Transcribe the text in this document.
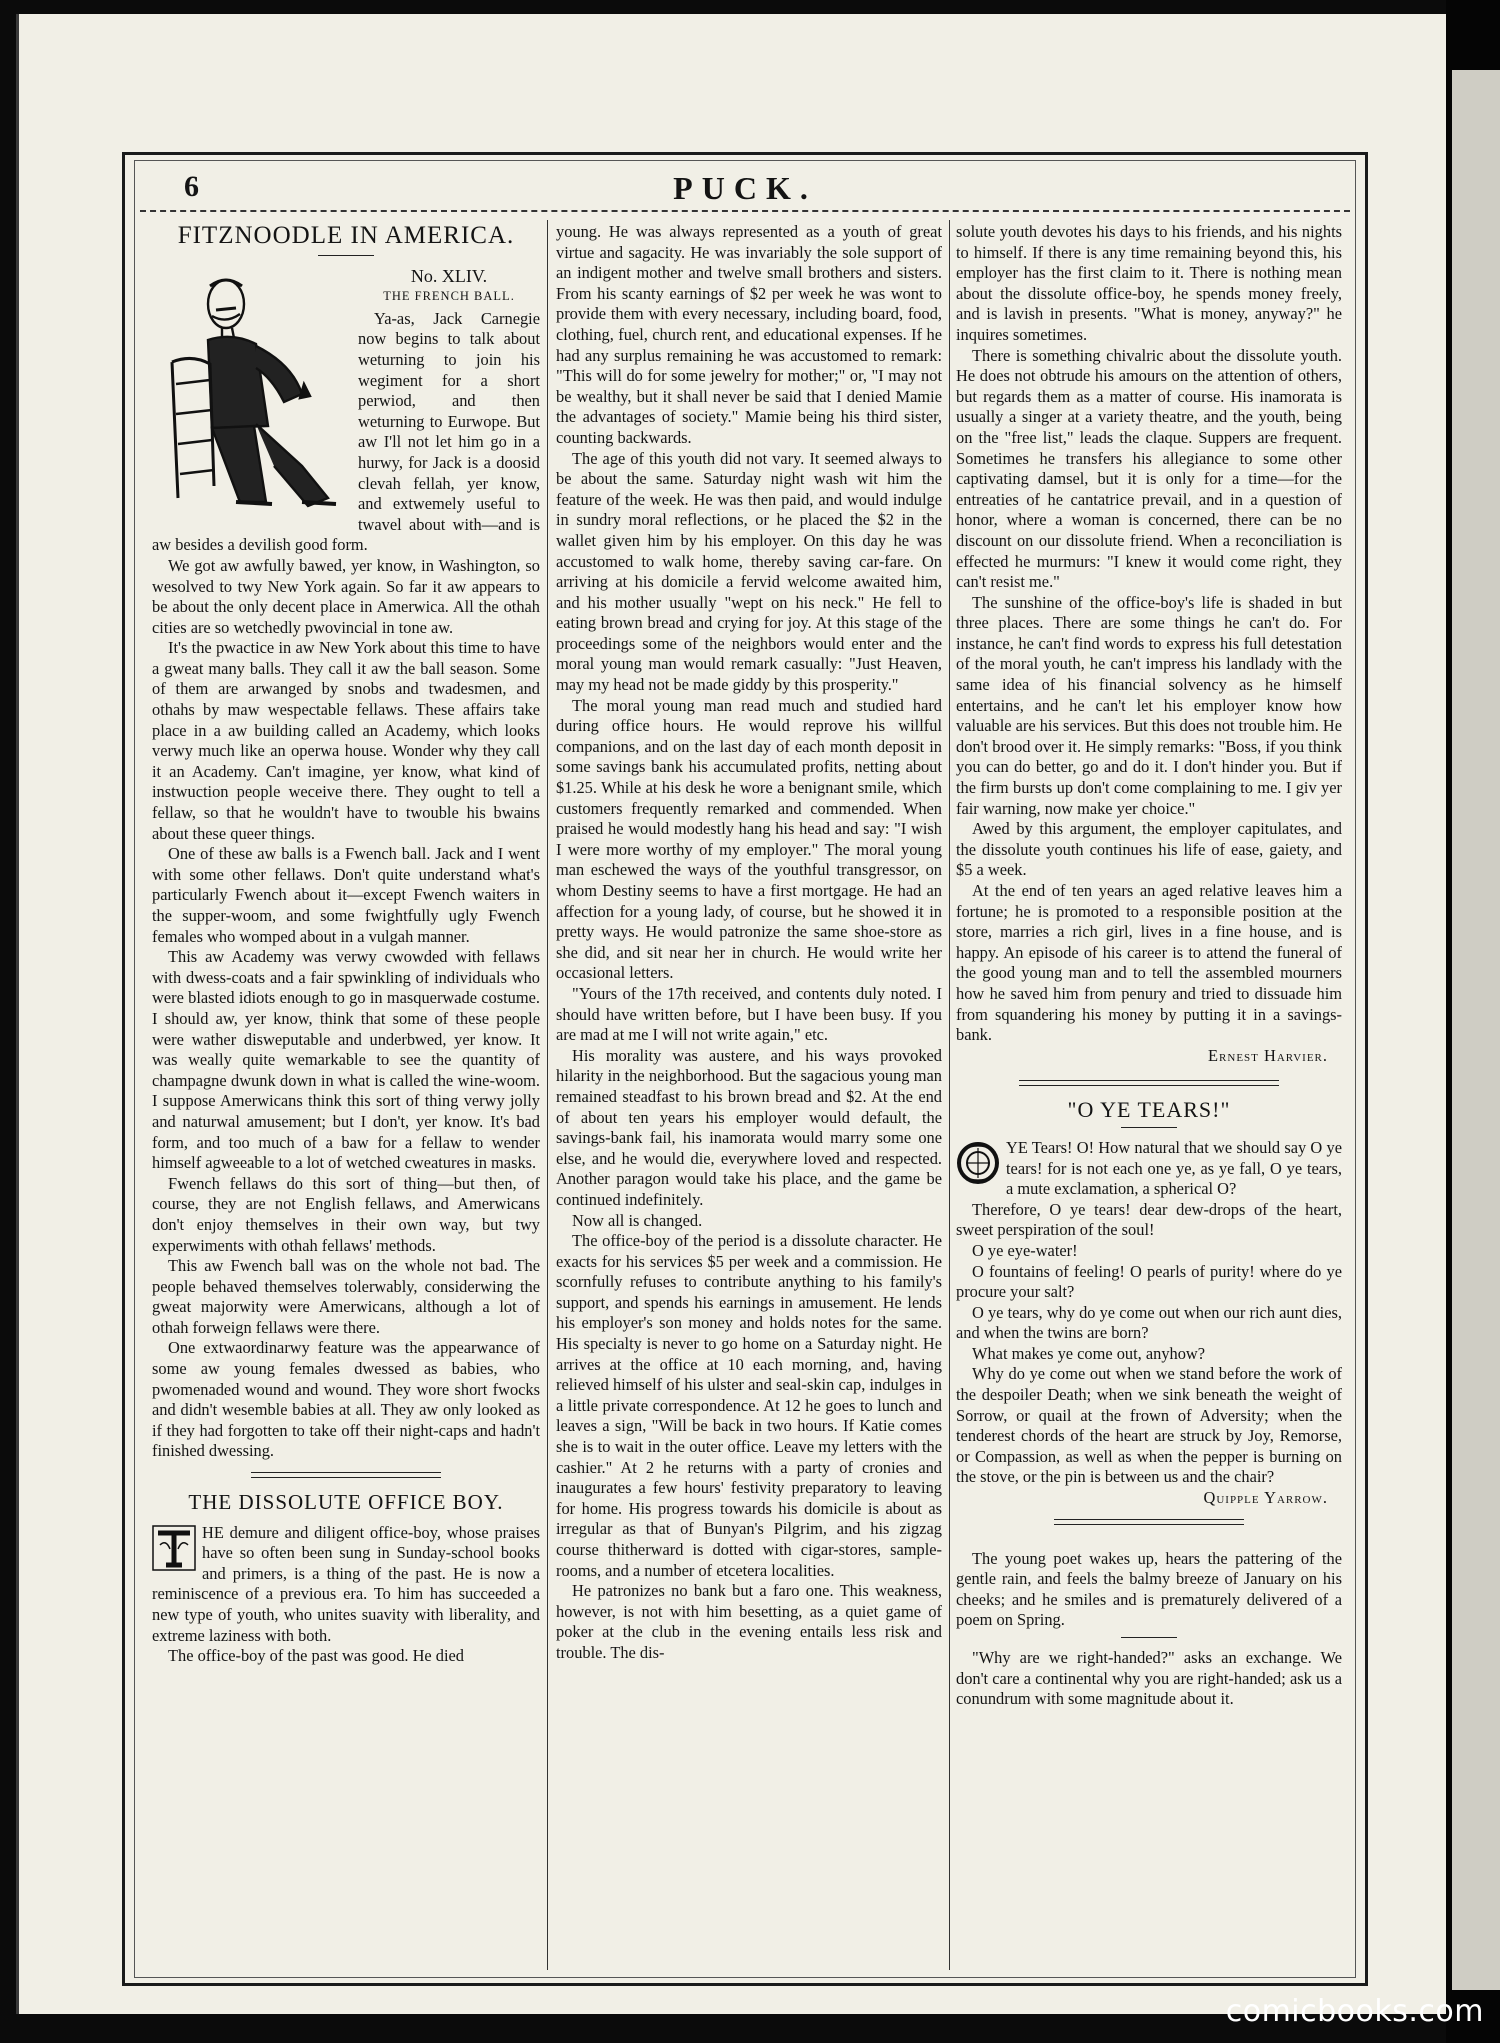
6	PUCK.
FITZNOODLE IN AMERICA.
No. XLIV.
THE FRENCH BALL.

Ya-as, Jack Carnegie now begins to talk about weturning to join his wegiment for a short perwiod, and then weturning to Eurwope. But aw I'll not let him go in a hurwy, for Jack is a doosid clevah fellah, yer know, and extwemely useful to twavel about with—and is aw besides a devilish good form.

We got aw awfully bawed, yer know, in Washington, so wesolved to twy New York again. So far it aw appears to be about the only decent place in Amerwica. All the othah cities are so wetchedly pwovincial in tone aw.

It's the pwactice in aw New York about this time to have a gweat many balls. They call it aw the ball season. Some of them are arwanged by snobs and twadesmen, and othahs by maw wespectable fellaws. These affairs take place in a aw building called an Academy, which looks verwy much like an operwa house. Wonder why they call it an Academy. Can't imagine, yer know, what kind of instwuction people weceive there. They ought to tell a fellaw, so that he wouldn't have to twouble his bwains about these queer things.

One of these aw balls is a Fwench ball. Jack and I went with some other fellaws. Don't quite understand what's particularly Fwench about it—except Fwench waiters in the supper-woom, and some fwightfully ugly Fwench females who womped about in a vulgah manner.

This aw Academy was verwy cwowded with fellaws with dwess-coats and a fair spwinkling of individuals who were blasted idiots enough to go in masquerwade costume. I should aw, yer know, think that some of these people were wather disweputable and underbwed, yer know. It was weally quite wemarkable to see the quantity of champagne dwunk down in what is called the wine-woom. I suppose Amerwicans think this sort of thing verwy jolly and naturwal amusement; but I don't, yer know. It's bad form, and too much of a baw for a fellaw to wender himself agweeable to a lot of wetched cweatures in masks.

Fwench fellaws do this sort of thing—but then, of course, they are not English fellaws, and Amerwicans don't enjoy themselves in their own way, but twy experwiments with othah fellaws' methods.

This aw Fwench ball was on the whole not bad. The people behaved themselves tolerwably, considerwing the gweat majorwity were Amerwicans, although a lot of othah forweign fellaws were there.

One extwaordinarwy feature was the appearwance of some aw young females dwessed as babies, who pwomenaded wound and wound. They wore short fwocks and didn't wesemble babies at all. They aw only looked as if they had forgotten to take off their night-caps and hadn't finished dwessing.

THE DISSOLUTE OFFICE BOY.

HE demure and diligent office-boy, whose praises have so often been sung in Sunday-school books and primers, is a thing of the past. He is now a reminiscence of a previous era. To him has succeeded a new type of youth, who unites suavity with liberality, and extreme laziness with both.

The office-boy of the past was good. He died

young. He was always represented as a youth of great virtue and sagacity. He was invariably the sole support of an indigent mother and twelve small brothers and sisters. From his scanty earnings of $2 per week he was wont to provide them with every necessary, including board, food, clothing, fuel, church rent, and educational expenses. If he had any surplus remaining he was accustomed to remark: "This will do for some jewelry for mother;" or, "I may not be wealthy, but it shall never be said that I denied Mamie the advantages of society." Mamie being his third sister, counting backwards.

The age of this youth did not vary. It seemed always to be about the same. Saturday night wash wit him the feature of the week. He was then paid, and would indulge in sundry moral reflections, or he placed the $2 in the wallet given him by his employer. On this day he was accustomed to walk home, thereby saving car-fare. On arriving at his domicile a fervid welcome awaited him, and his mother usually "wept on his neck." He fell to eating brown bread and crying for joy. At this stage of the proceedings some of the neighbors would enter and the moral young man would remark casually: "Just Heaven, may my head not be made giddy by this prosperity."

The moral young man read much and studied hard during office hours. He would reprove his willful companions, and on the last day of each month deposit in some savings bank his accumulated profits, netting about $1.25. While at his desk he wore a benignant smile, which customers frequently remarked and commended. When praised he would modestly hang his head and say: "I wish I were more worthy of my employer." The moral young man eschewed the ways of the youthful transgressor, on whom Destiny seems to have a first mortgage. He had an affection for a young lady, of course, but he showed it in pretty ways. He would patronize the same shoe-store as she did, and sit near her in church. He would write her occasional letters.

"Yours of the 17th received, and contents duly noted. I should have written before, but I have been busy. If you are mad at me I will not write again," etc.

His morality was austere, and his ways provoked hilarity in the neighborhood. But the sagacious young man remained steadfast to his brown bread and $2. At the end of about ten years his employer would default, the savings-bank fail, his inamorata would marry some one else, and he would die, everywhere loved and respected. Another paragon would take his place, and the game be continued indefinitely.

Now all is changed.

The office-boy of the period is a dissolute character. He exacts for his services $5 per week and a commission. He scornfully refuses to contribute anything to his family's support, and spends his earnings in amusement. He lends his employer's son money and holds notes for the same. His specialty is never to go home on a Saturday night. He arrives at the office at 10 each morning, and, having relieved himself of his ulster and seal-skin cap, indulges in a little private correspondence. At 12 he goes to lunch and leaves a sign, "Will be back in two hours. If Katie comes she is to wait in the outer office. Leave my letters with the cashier." At 2 he returns with a party of cronies and inaugurates a few hours' festivity preparatory to leaving for home. His progress towards his domicile is about as irregular as that of Bunyan's Pilgrim, and his zigzag course thitherward is dotted with cigar-stores, sample-rooms, and a number of etcetera localities.

He patronizes no bank but a faro one. This weakness, however, is not with him besetting, as a quiet game of poker at the club in the evening entails less risk and trouble. The dis-

solute youth devotes his days to his friends, and his nights to himself. If there is any time remaining beyond this, his employer has the first claim to it. There is nothing mean about the dissolute office-boy, he spends money freely, and is lavish in presents. "What is money, anyway?" he inquires sometimes.

There is something chivalric about the dissolute youth. He does not obtrude his amours on the attention of others, but regards them as a matter of course. His inamorata is usually a singer at a variety theatre, and the youth, being on the "free list," leads the claque. Suppers are frequent. Sometimes he transfers his allegiance to some other captivating damsel, but it is only for a time—for the entreaties of he cantatrice prevail, and in a question of honor, where a woman is concerned, there can be no discount on our dissolute friend. When a reconciliation is effected he murmurs: "I knew it would come right, they can't resist me."

The sunshine of the office-boy's life is shaded in but three places. There are some things he can't do. For instance, he can't find words to express his full detestation of the moral youth, he can't impress his landlady with the same idea of his financial solvency as he himself entertains, and he can't let his employer know how valuable are his services. But this does not trouble him. He don't brood over it. He simply remarks: "Boss, if you think you can do better, go and do it. I don't hinder you. But if the firm bursts up don't come complaining to me. I giv yer fair warning, now make yer choice."

Awed by this argument, the employer capitulates, and the dissolute youth continues his life of ease, gaiety, and $5 a week.

At the end of ten years an aged relative leaves him a fortune; he is promoted to a responsible position at the store, marries a rich girl, lives in a fine house, and is happy. An episode of his career is to attend the funeral of the good young man and to tell the assembled mourners how he saved him from penury and tried to dissuade him from squandering his money by putting it in a savings-bank.

Ernest Harvier.
"O YE TEARS!"

YE Tears! O! How natural that we should say O ye tears! for is not each one ye, as ye fall, O ye tears, a mute exclamation, a spherical O?

Therefore, O ye tears! dear dew-drops of the heart, sweet perspiration of the soul!

O ye eye-water!

O fountains of feeling! O pearls of purity! where do ye procure your salt?

O ye tears, why do ye come out when our rich aunt dies, and when the twins are born?

What makes ye come out, anyhow?

Why do ye come out when we stand before the work of the despoiler Death; when we sink beneath the weight of Sorrow, or quail at the frown of Adversity; when the tenderest chords of the heart are struck by Joy, Remorse, or Compassion, as well as when the pepper is burning on the stove, or the pin is between us and the chair?

Quipple Yarrow.

The young poet wakes up, hears the pattering of the gentle rain, and feels the balmy breeze of January on his cheeks; and he smiles and is prematurely delivered of a poem on Spring.

"Why are we right-handed?" asks an exchange. We don't care a continental why you are right-handed; ask us a conundrum with some magnitude about it.

comicbooks.com
